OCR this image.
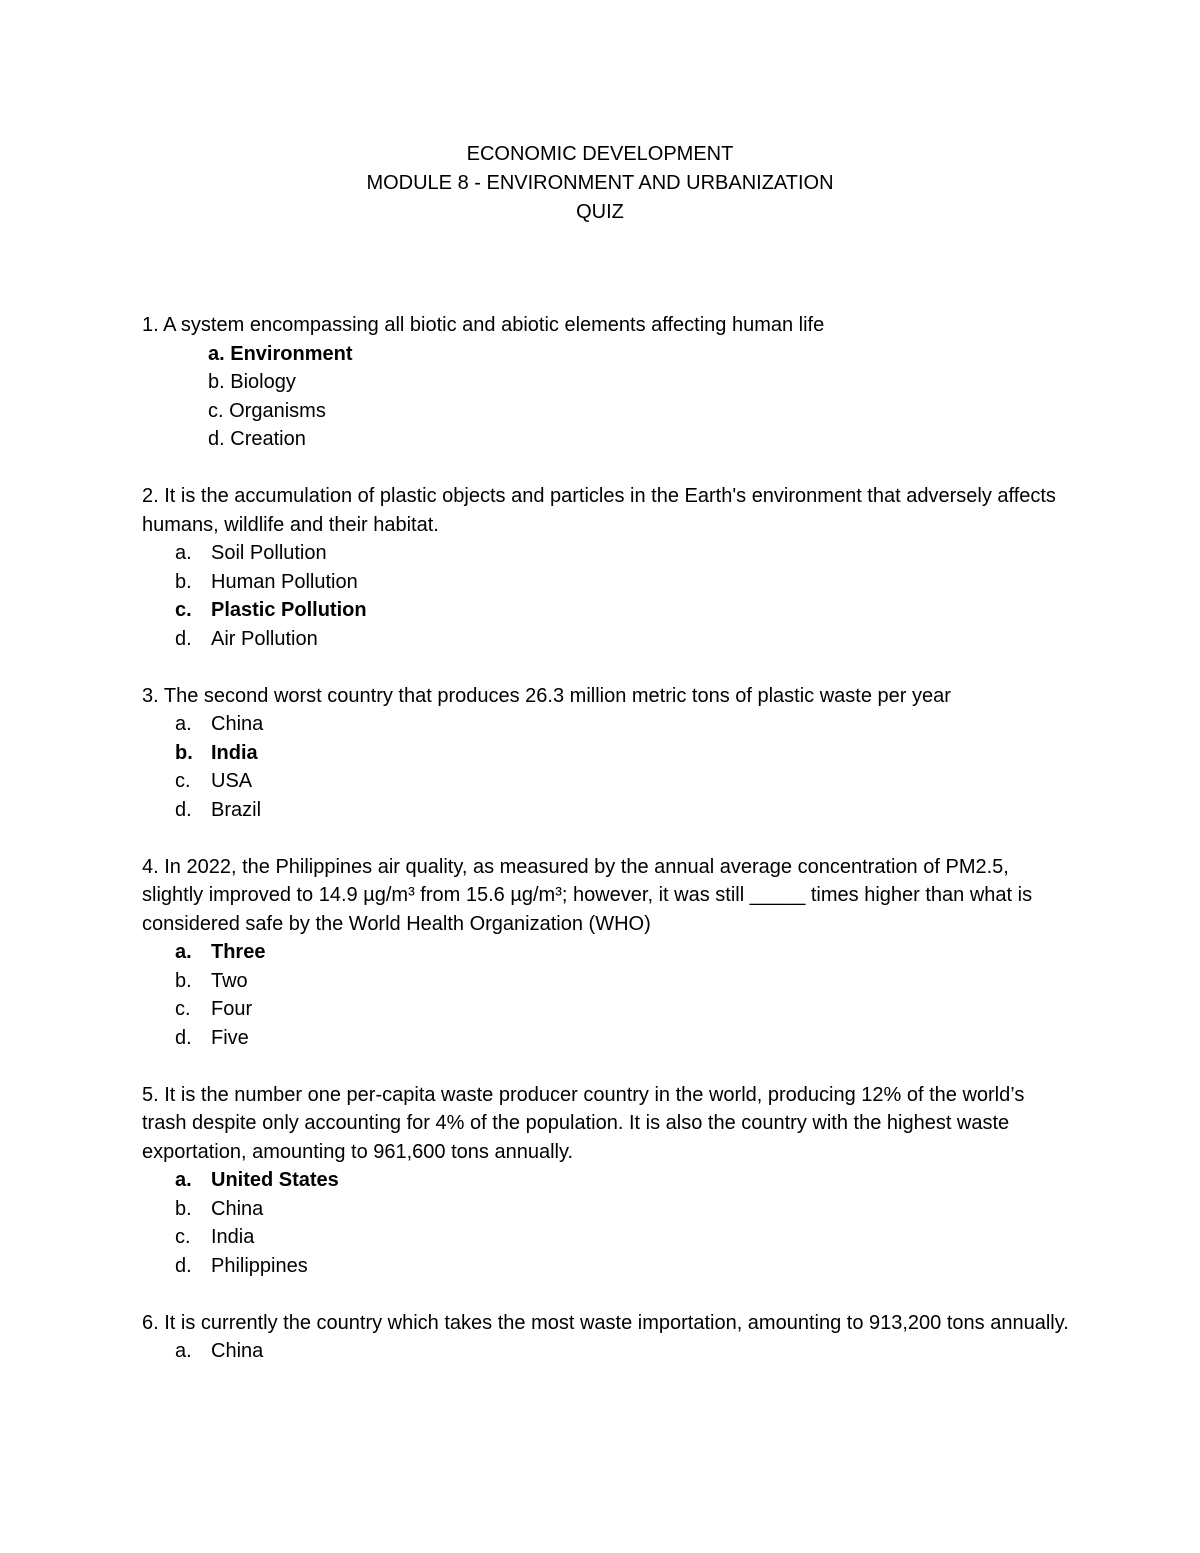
ECONOMIC DEVELOPMENT
MODULE 8 - ENVIRONMENT AND URBANIZATION
QUIZ
1. A system encompassing all biotic and abiotic elements affecting human life
a. Environment
b. Biology
c. Organisms
d. Creation
2. It is the accumulation of plastic objects and particles in the Earth's environment that adversely affects humans, wildlife and their habitat.
a. Soil Pollution
b. Human Pollution
c. Plastic Pollution
d. Air Pollution
3. The second worst country that produces 26.3 million metric tons of plastic waste per year
a. China
b. India
c.	USA
d. Brazil
4. In 2022, the Philippines air quality, as measured by the annual average concentration of PM2.5, slightly improved to 14.9 µg/m³ from 15.6 µg/m³; however, it was still _____ times higher than what is considered safe by the World Health Organization (WHO)
a. Three
b. Two
c.	Four
d. Five
5. It is the number one per-capita waste producer country in the world, producing 12% of the world’s trash despite only accounting for 4% of the population. It is also the country with the highest waste exportation, amounting to 961,600 tons annually.
a. United States
b. China
c.	India
d. Philippines
6. It is currently the country which takes the most waste importation, amounting to 913,200 tons annually.
a. China
